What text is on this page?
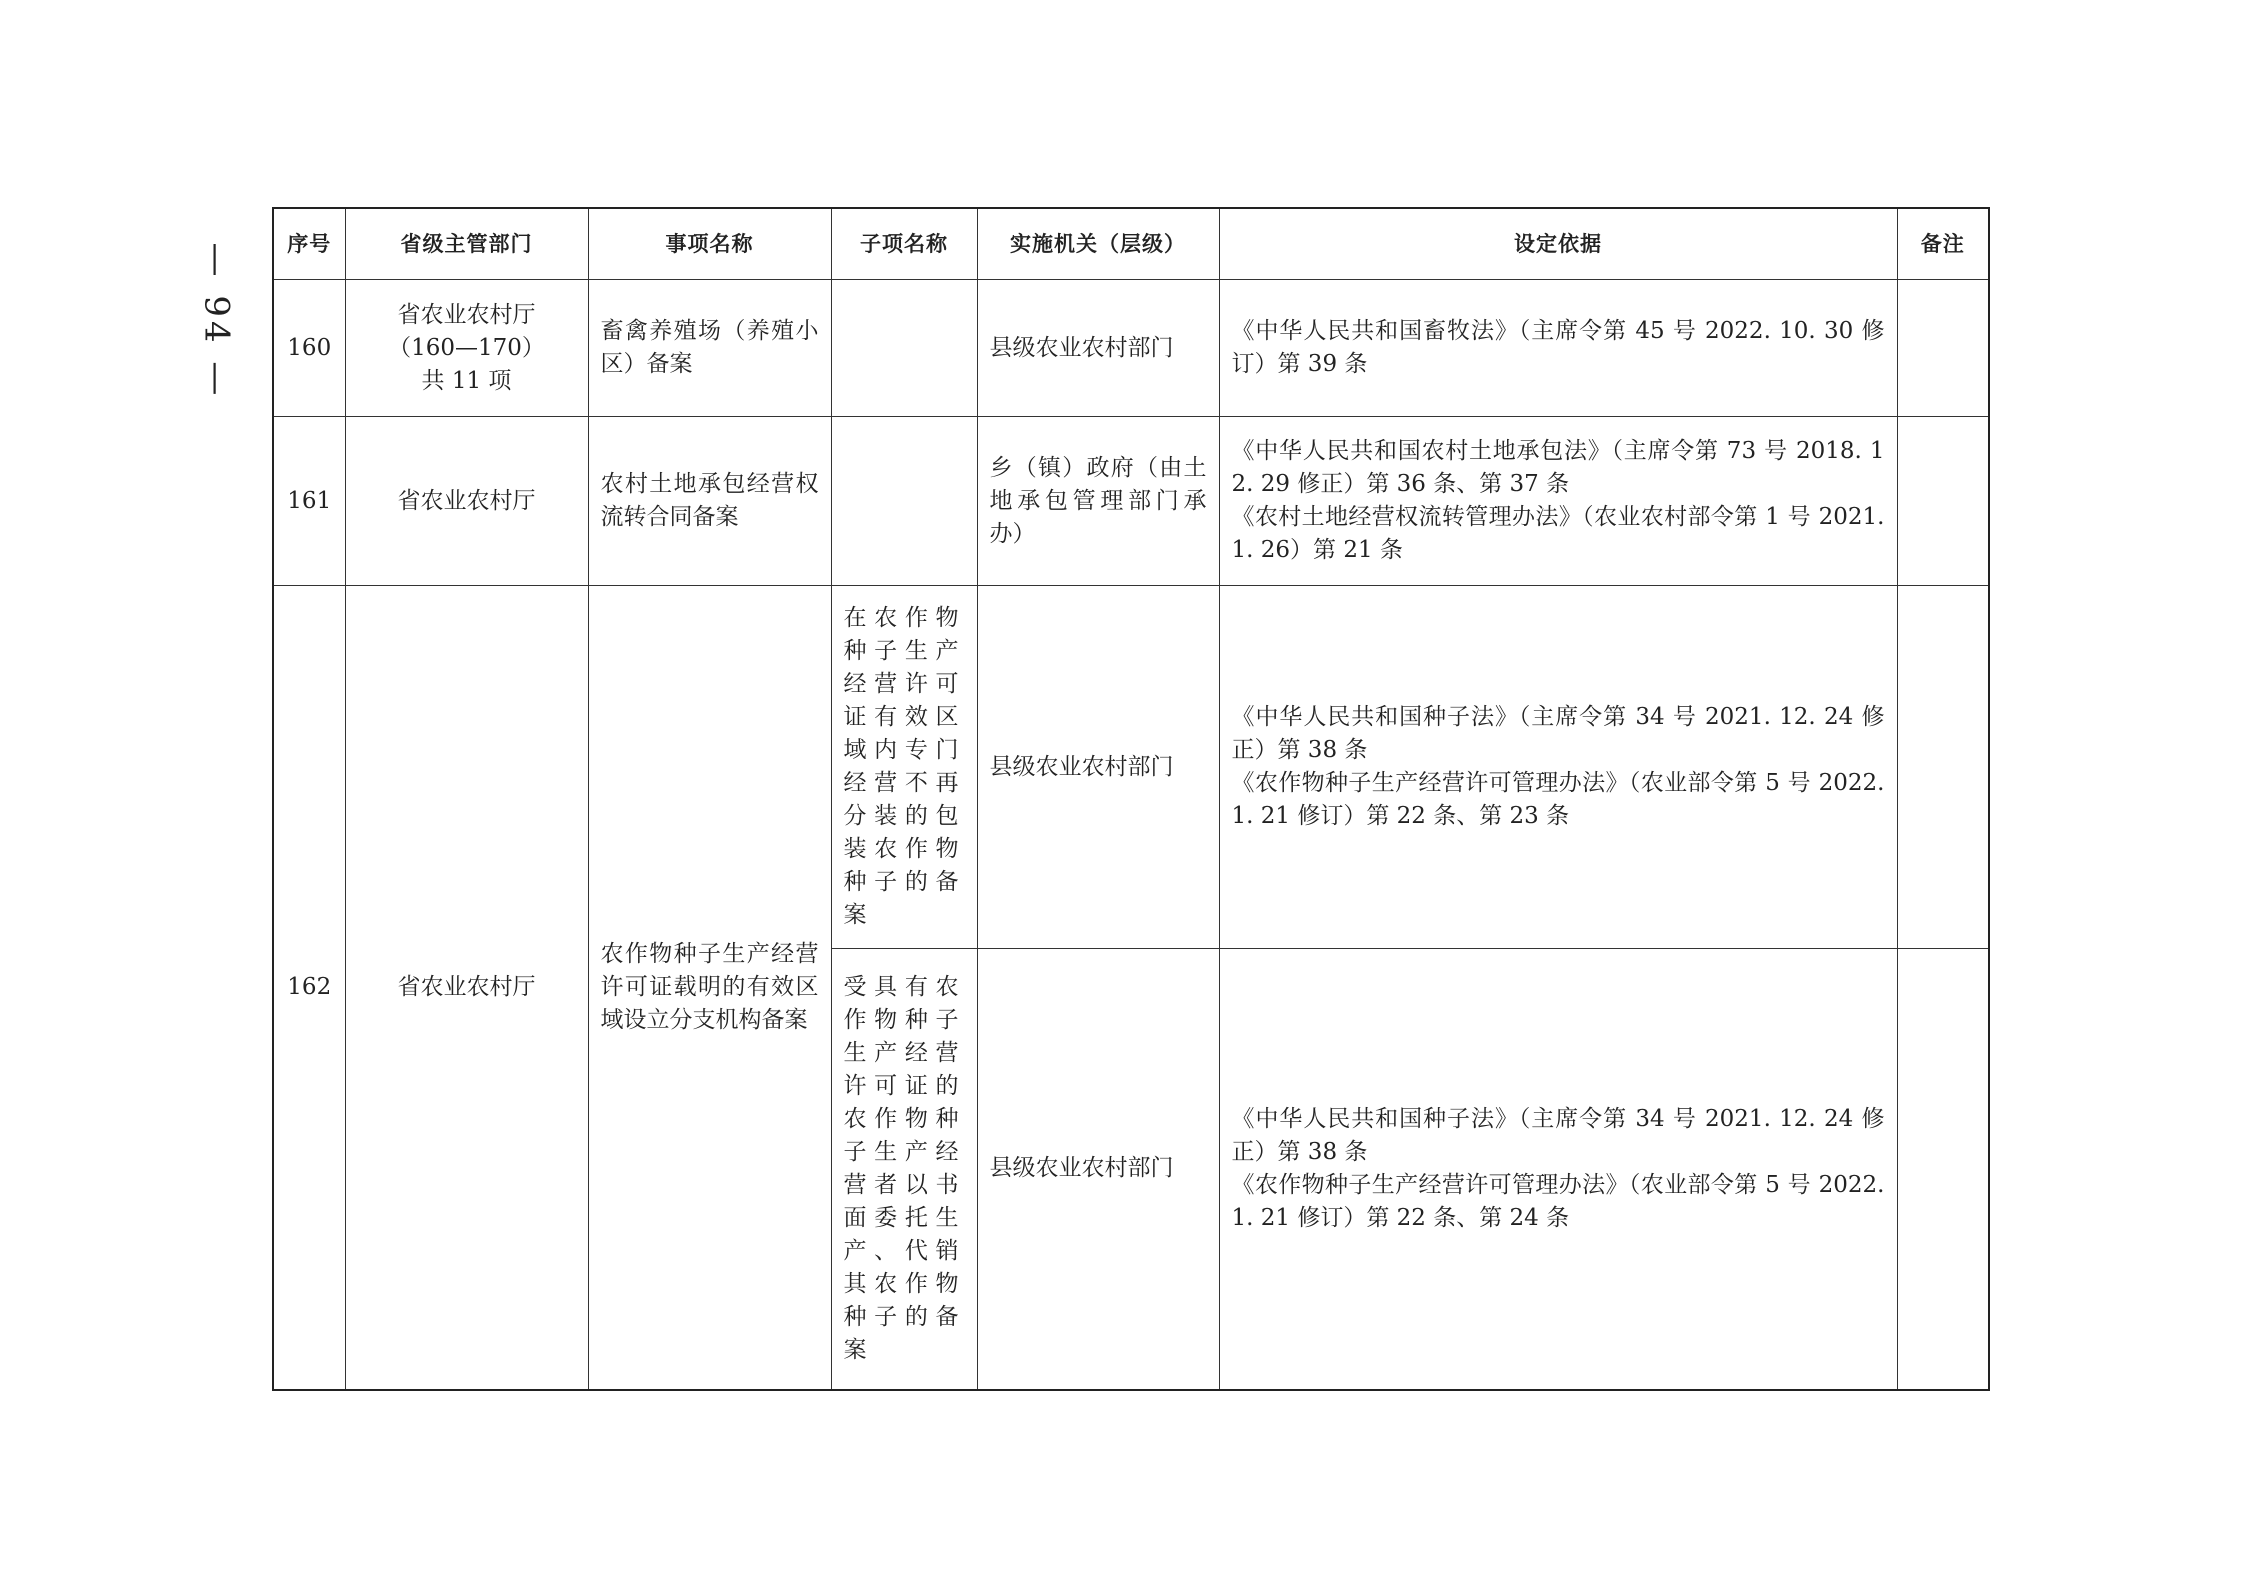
— 94 — 序号	省级主管部门	事项名称	子项名称	实施机关（层级）	设定依据	备注
160	省农业农村厅
（160—170）
共 11 项	畜禽养殖场（养殖小区）备案		县级农业农村部门	《中华人民共和国畜牧法》（主席令第 45 号 2022. 10. 30 修订）第 39 条	

161	省农业农村厅	农村土地承包经营权流转合同备案		乡（镇）政府（由土地承包管理部门承办）	《中华人民共和国农村土地承包法》（主席令第 73 号 2018. 12. 29 修正）第 36 条、第 37 条
《农村土地经营权流转管理办法》（农业农村部令第 1 号 2021. 1. 26）第 21 条	

162	省农业农村厅	农作物种子生产经营许可证载明的有效区域设立分支机构备案	在农作物种子生产经营许可证有效区域内专门经营不再分装的包装农作物种子的备案	县级农业农村部门	《中华人民共和国种子法》（主席令第 34 号 2021. 12. 24 修正）第 38 条
《农作物种子生产经营许可管理办法》（农业部令第 5 号 2022. 1. 21 修订）第 22 条、第 23 条	

			受具有农作物种子生产经营许可证的农作物种子生产经营者以书面委托生产、代销其农作物种子的备案	县级农业农村部门	《中华人民共和国种子法》（主席令第 34 号 2021. 12. 24 修正）第 38 条
《农作物种子生产经营许可管理办法》（农业部令第 5 号 2022. 1. 21 修订）第 22 条、第 24 条	
